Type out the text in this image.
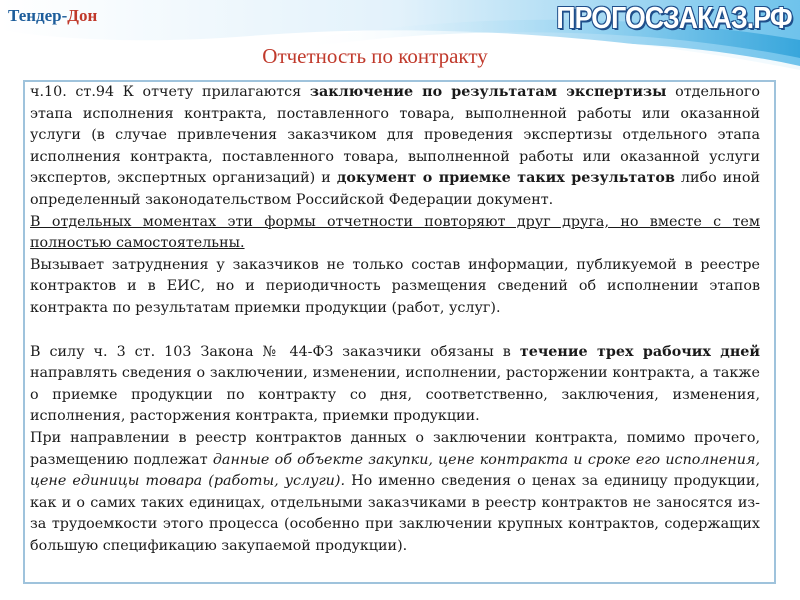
Тендер-Дон	ПРОГОСЗАКАЗ.РФ
Отчетность по контракту

ч.10. ст.94 К отчету прилагаются заключение по результатам экспертизы отдельного этапа исполнения контракта, поставленного товара, выполненной работы или оказанной услуги (в случае привлечения заказчиком для проведения экспертизы отдельного этапа исполнения контракта, поставленного товара, выполненной работы или оказанной услуги экспертов, экспертных организаций) и документ о приемке таких результатов либо иной определенный законодательством Российской Федерации документ.

В отдельных моментах эти формы отчетности повторяют друг друга, но вместе с тем полностью самостоятельны.

Вызывает затруднения у заказчиков не только состав информации, публикуемой в реестре контрактов и в ЕИС, но и периодичность размещения сведений об исполнении этапов контракта по результатам приемки продукции (работ, услуг).

В силу ч. 3 ст. 103 Закона № 44-ФЗ заказчики обязаны в течение трех рабочих дней направлять сведения о заключении, изменении, исполнении, расторжении контракта, а также о приемке продукции по контракту со дня, соответственно, заключения, изменения, исполнения, расторжения контракта, приемки продукции.

При направлении в реестр контрактов данных о заключении контракта, помимо прочего, размещению подлежат данные об объекте закупки, цене контракта и сроке его исполнения, цене единицы товара (работы, услуги). Но именно сведения о ценах за единицу продукции, как и о самих таких единицах, отдельными заказчиками в реестр контрактов не заносятся из-за трудоемкости этого процесса (особенно при заключении крупных контрактов, содержащих большую спецификацию закупаемой продукции).
